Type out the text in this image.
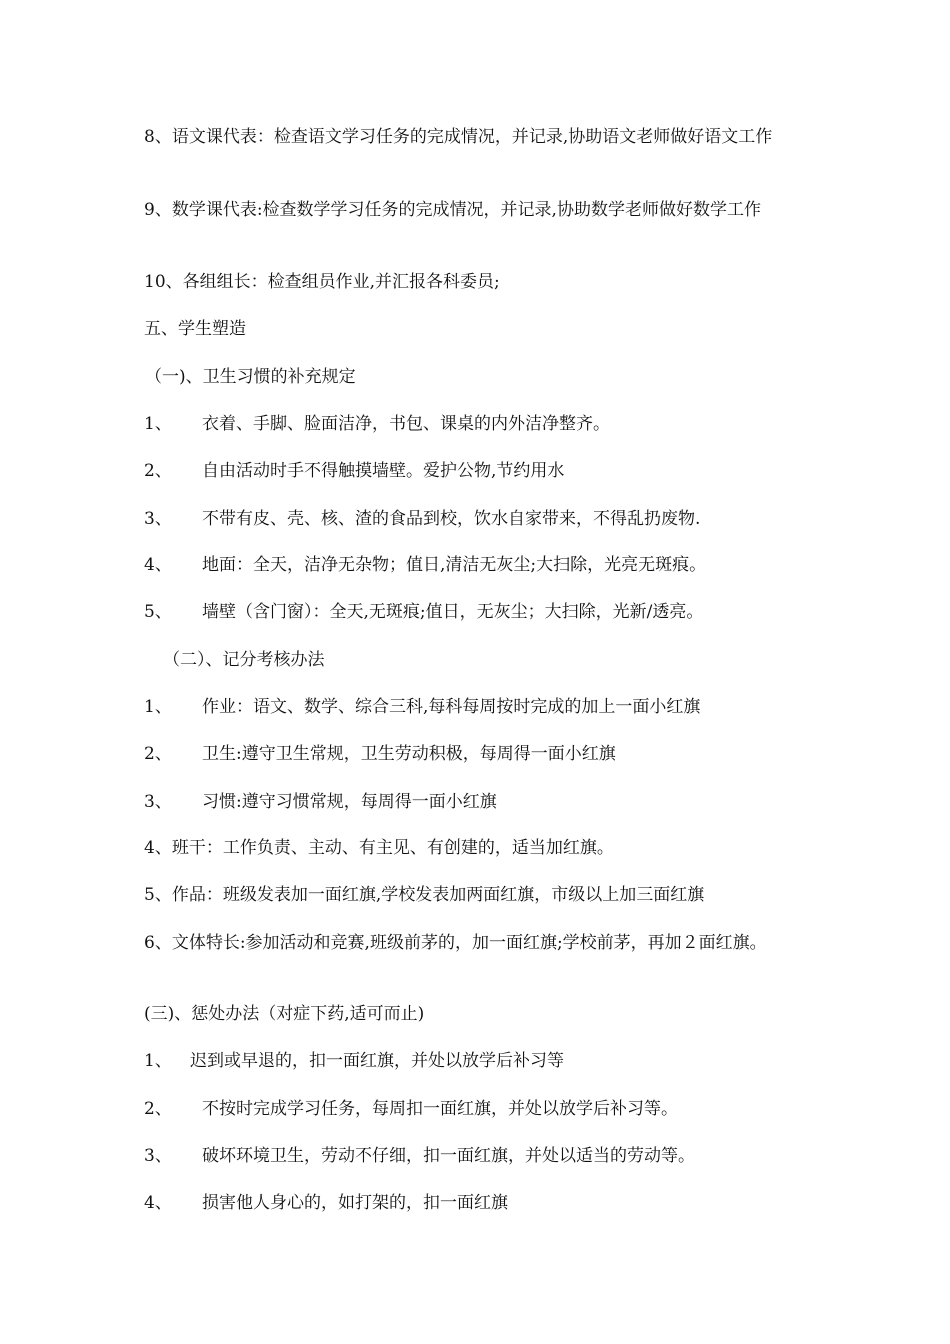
8、语文课代表：检查语文学习任务的完成情况，并记录,协助语文老师做好语文工作
9、数学课代表:检查数学学习任务的完成情况，并记录,协助数学老师做好数学工作
10、各组组长：检查组员作业,并汇报各科委员;
五、学生塑造
（一)、卫生习惯的补充规定
1、 衣着、手脚、脸面洁净，书包、课桌的内外洁净整齐。
2、 自由活动时手不得触摸墙壁。爱护公物,节约用水
3、 不带有皮、壳、核、渣的食品到校，饮水自家带来，不得乱扔废物.
4、 地面：全天，洁净无杂物；值日,清洁无灰尘;大扫除，光亮无斑痕。
5、 墙壁（含门窗）：全天,无斑痕;值日，无灰尘；大扫除，光新/透亮。
（二）、记分考核办法
1、 作业：语文、数学、综合三科,每科每周按时完成的加上一面小红旗
2、 卫生:遵守卫生常规，卫生劳动积极，每周得一面小红旗
3、 习惯:遵守习惯常规，每周得一面小红旗
4、班干：工作负责、主动、有主见、有创建的，适当加红旗。
5、作品：班级发表加一面红旗,学校发表加两面红旗，市级以上加三面红旗
6、文体特长:参加活动和竞赛,班级前茅的，加一面红旗;学校前茅，再加２面红旗。
(三)、惩处办法（对症下药,适可而止)
1、 迟到或早退的，扣一面红旗，并处以放学后补习等
2、 不按时完成学习任务，每周扣一面红旗，并处以放学后补习等。
3、 破坏环境卫生，劳动不仔细，扣一面红旗，并处以适当的劳动等。
4、 损害他人身心的，如打架的，扣一面红旗
